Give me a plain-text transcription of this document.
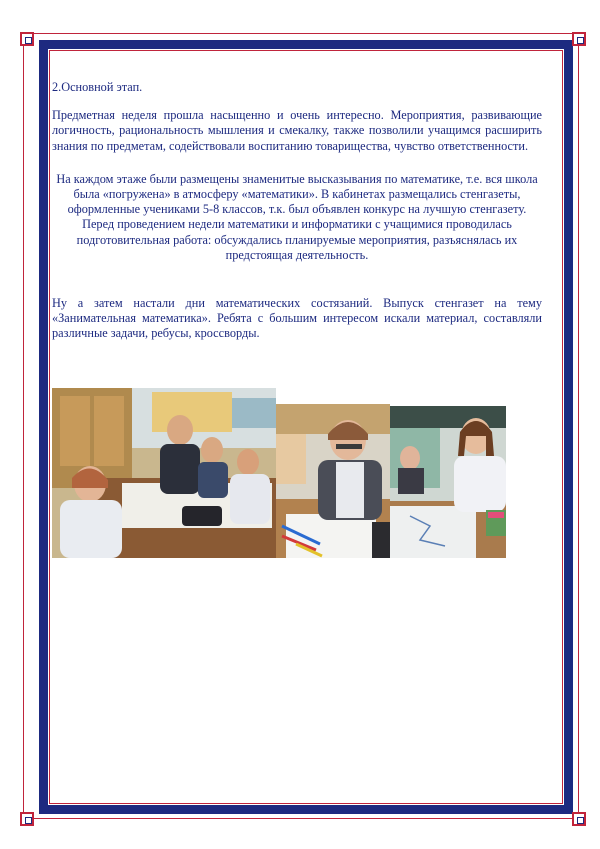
2.Основной этап.

Предметная неделя прошла насыщенно и очень интересно. Мероприятия, развивающие логичность, рациональность мышления и смекалку, также позволили учащимся расширить знания по предметам, содействовали воспитанию товарищества, чувство ответственности.

На каждом этаже были размещены знаменитые высказывания по математике, т.е. вся школа была «погружена» в атмосферу «математики». В кабинетах размещались стенгазеты, оформленные учениками 5-8 классов, т.к. был объявлен конкурс на лучшую стенгазету. Перед проведением недели математики и информатики с учащимися проводилась подготовительная работа: обсуждались планируемые мероприятия, разъяснялась их предстоящая деятельность.

Ну а затем настали дни математических состязаний. Выпуск стенгазет на тему «Занимательная математика». Ребята с большим интересом искали материал, составляли различные задачи, ребусы, кроссворды.
